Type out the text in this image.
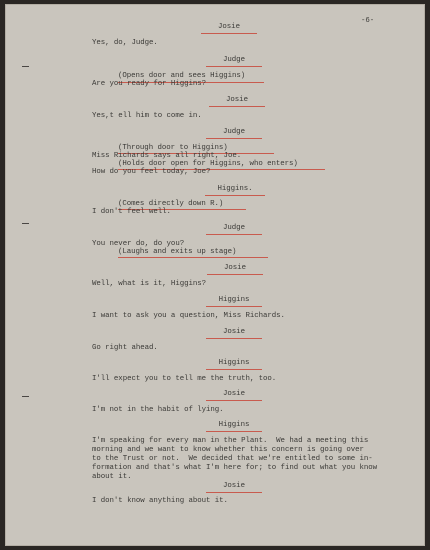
-6-
Josie
Yes, do, Judge.
Judge
(Opens door and sees Higgins)
Are you ready for Higgins?
Josie
Yes,t ell him to come in.
Judge
(Through door to Higgins)
Miss Richards says all right, Joe.
(Holds door open for Higgins, who enters)
How do you feel today, Joe?
Higgins.
(Comes directly down R.)
I don't feel well.
Judge
You never do, do you?
(Laughs and exits up stage)
Josie
Well, what is it, Higgins?
Higgins
I want to ask you a question, Miss Richards.
Josie
Go right ahead.
Higgins
I'll expect you to tell me the truth, too.
Josie
I'm not in the habit of lying.
Higgins
I'm speaking for every man in the Plant.  We had a meeting this
morning and we want to know whether this concern is going over
to the Trust or not.  We decided that we're entitled to some in-
formation and that's what I'm here for; to find out what you know
about it.
Josie
I don't know anything about it.
